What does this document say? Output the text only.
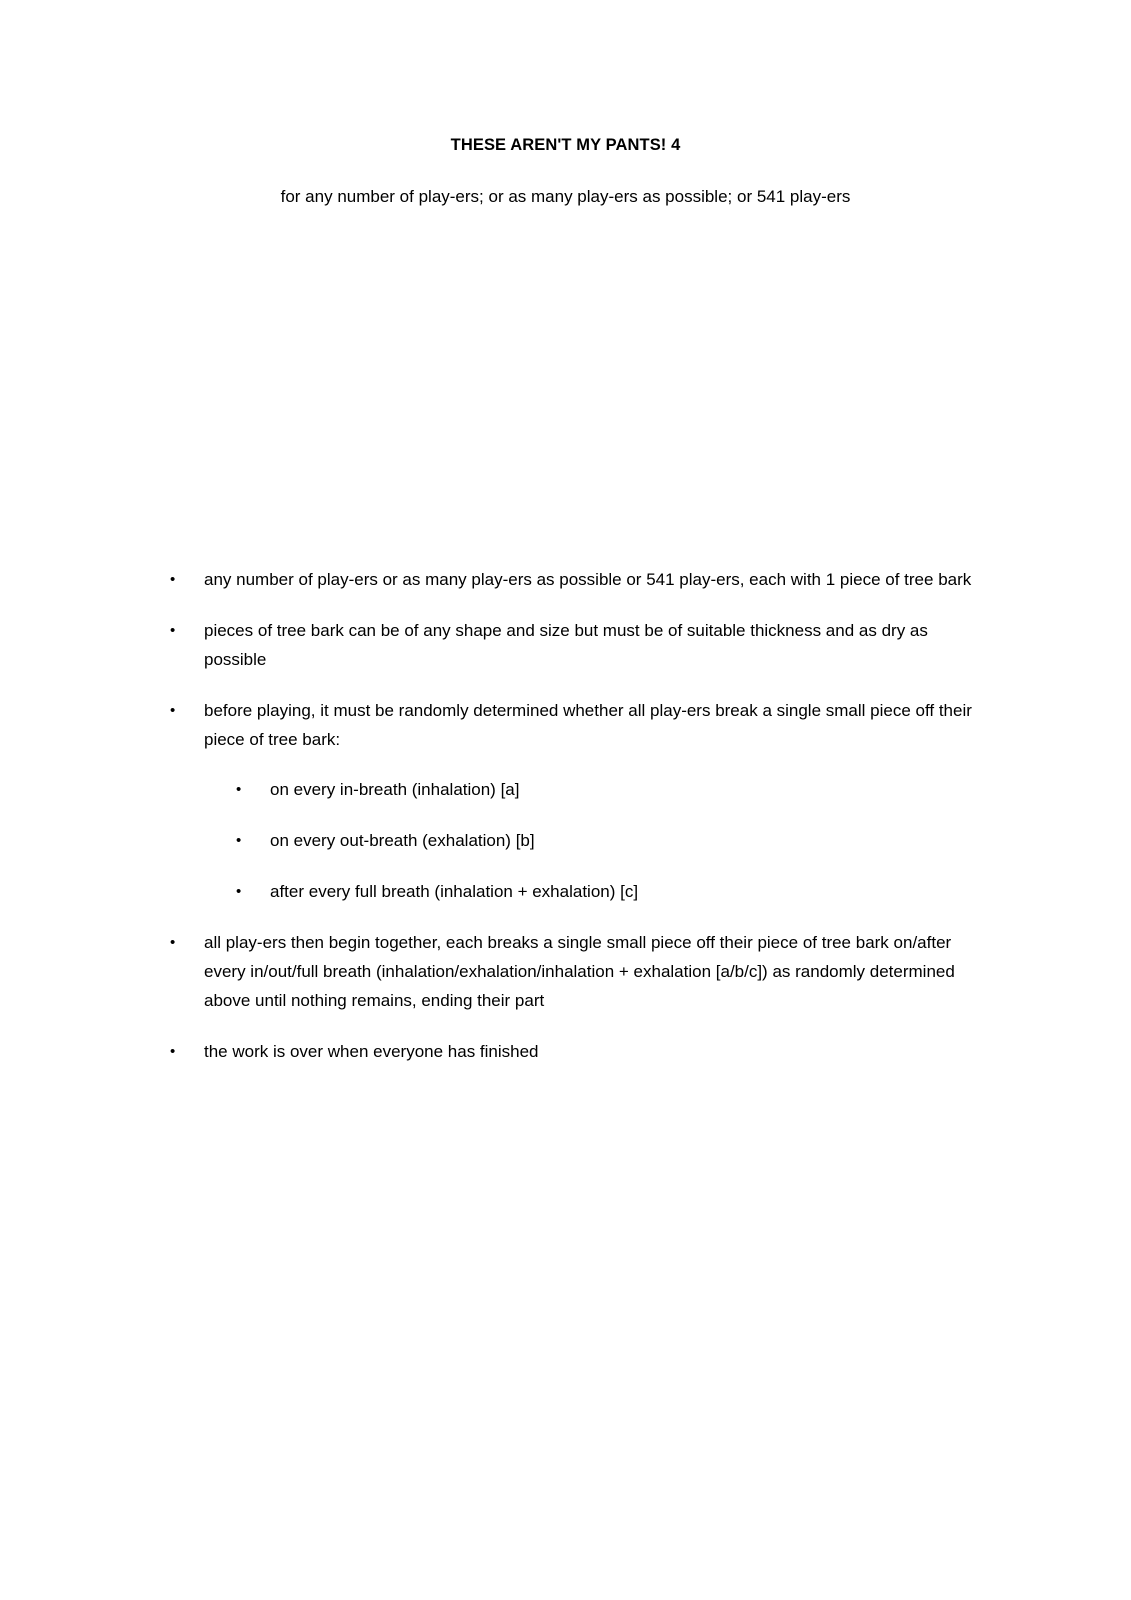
THESE AREN'T MY PANTS! 4
for any number of play-ers; or as many play-ers as possible; or 541 play-ers
• any number of play-ers or as many play-ers as possible or 541 play-ers, each with 1 piece of tree bark
• pieces of tree bark can be of any shape and size but must be of suitable thickness and as dry as possible
• before playing, it must be randomly determined whether all play-ers break a single small piece off their piece of tree bark:
• on every in-breath (inhalation) [a]
• on every out-breath (exhalation) [b]
• after every full breath (inhalation + exhalation) [c]
• all play-ers then begin together, each breaks a single small piece off their piece of tree bark on/after every in/out/full breath (inhalation/exhalation/inhalation + exhalation [a/b/c]) as randomly determined above until nothing remains, ending their part
• the work is over when everyone has finished
